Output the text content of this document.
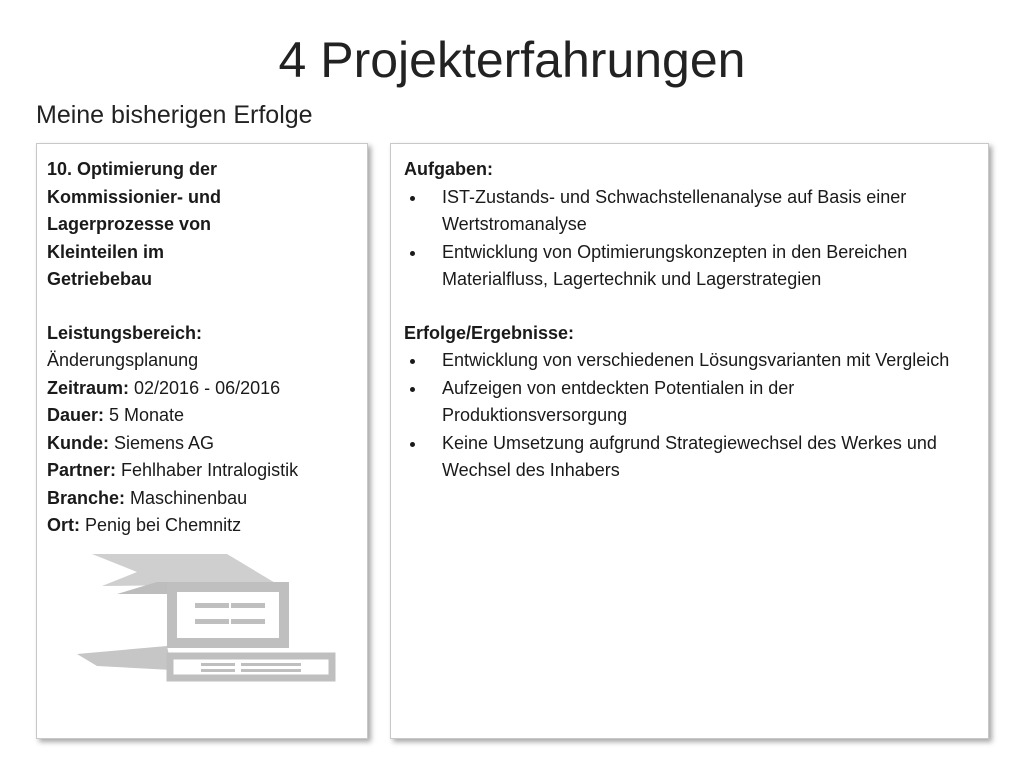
4 Projekterfahrungen
Meine bisherigen Erfolge
10. Optimierung der
Kommissionier- und
Lagerprozesse von
Kleinteilen im
Getriebebau
Leistungsbereich:
Änderungsplanung
Zeitraum: 02/2016 - 06/2016
Dauer: 5 Monate
Kunde: Siemens AG
Partner: Fehlhaber Intralogistik
Branche: Maschinenbau
Ort: Penig bei Chemnitz
Aufgaben:
IST-Zustands- und Schwachstellenanalyse auf Basis einer Wertstromanalyse
Entwicklung von Optimierungskonzepten in den Bereichen Materialfluss, Lagertechnik und Lagerstrategien
Erfolge/Ergebnisse:
Entwicklung von verschiedenen Lösungsvarianten mit Vergleich
Aufzeigen von entdeckten Potentialen in der Produktionsversorgung
Keine Umsetzung aufgrund Strategiewechsel des Werkes und Wechsel des Inhabers
